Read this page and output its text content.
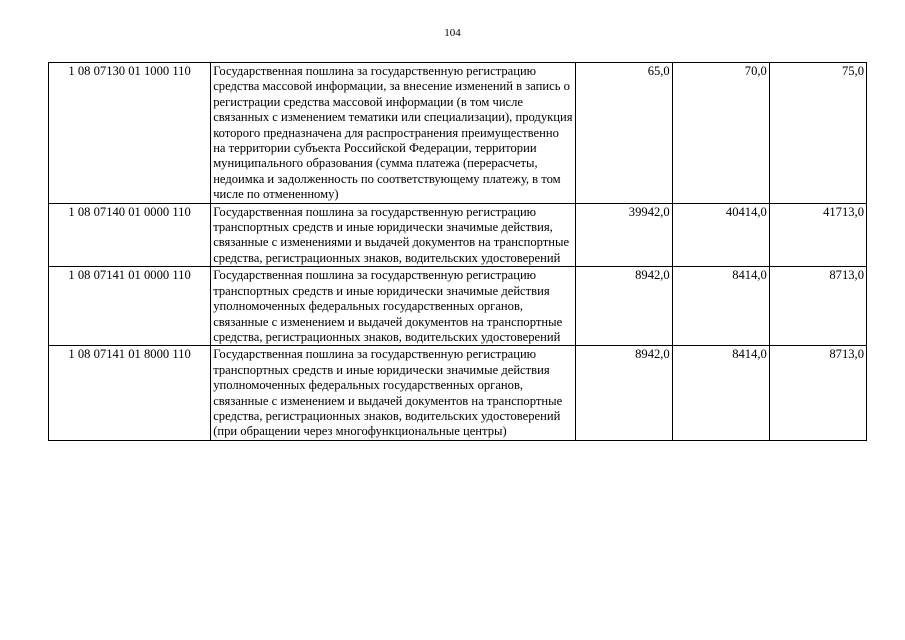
104
1 08 07130 01 1000 110	Государственная пошлина за государственную регистрацию средства массовой информации, за внесение изменений в запись о регистрации средства массовой информации (в том числе связанных с изменением тематики или специализации), продукция которого предназначена для распространения преимущественно на территории субъекта Российской Федерации, территории муниципального образования (сумма платежа (перерасчеты, недоимка и задолженность по соответствующему платежу, в том числе по отмененному)	65,0	70,0	75,0
1 08 07140 01 0000 110	Государственная пошлина за государственную регистрацию транспортных средств и иные юридически значимые действия, связанные с изменениями и выдачей документов на транспортные средства, регистрационных знаков, водительских удостоверений	39942,0	40414,0	41713,0
1 08 07141 01 0000 110	Государственная пошлина за государственную регистрацию транспортных средств и иные юридически значимые действия уполномоченных федеральных государственных органов, связанные с изменением и выдачей документов на транспортные средства, регистрационных знаков, водительских удостоверений	8942,0	8414,0	8713,0
1 08 07141 01 8000 110	Государственная пошлина за государственную регистрацию транспортных средств и иные юридически значимые действия уполномоченных федеральных государственных органов, связанные с изменением и выдачей документов на транспортные средства, регистрационных знаков, водительских удостоверений (при обращении через многофункциональные центры)	8942,0	8414,0	8713,0
